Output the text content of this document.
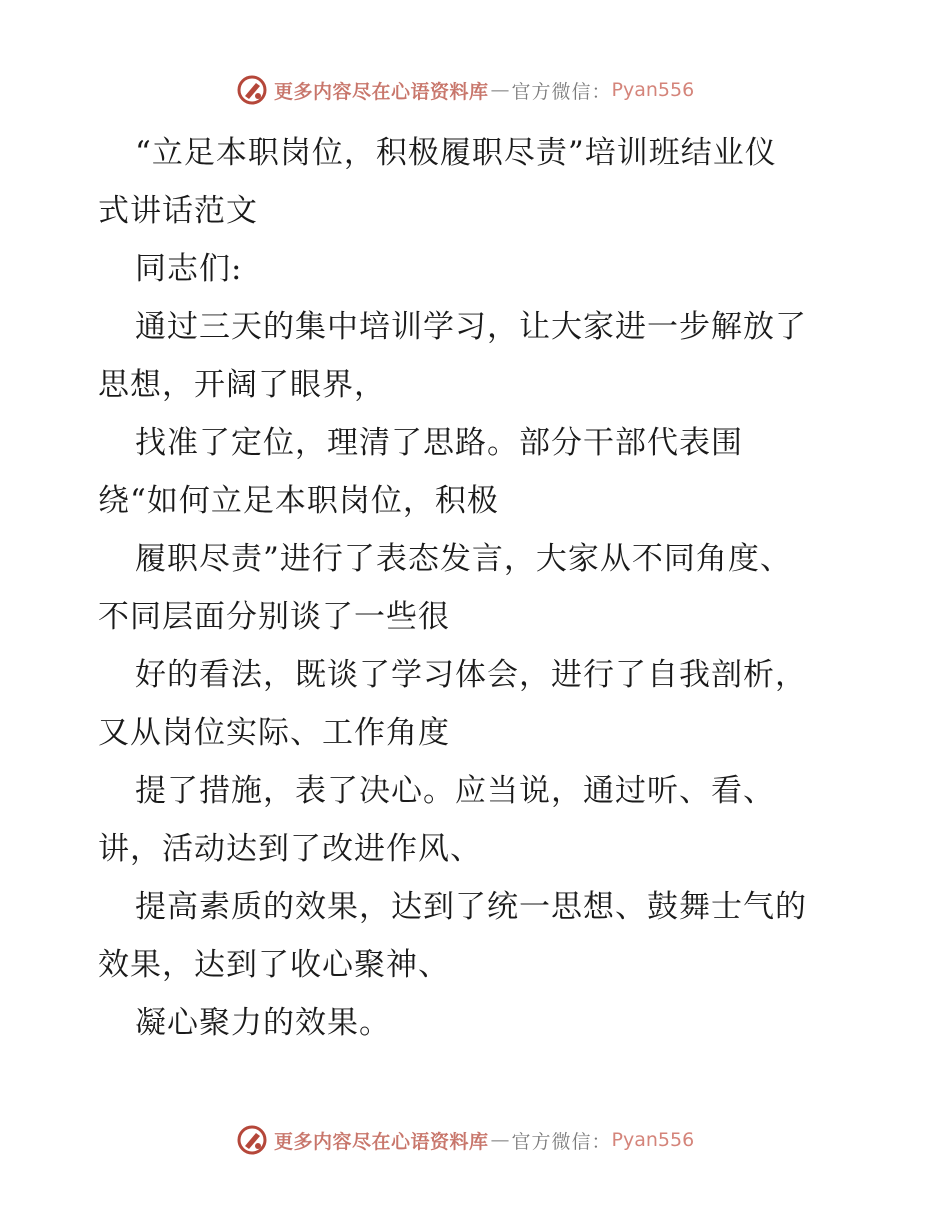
更多内容尽在心语资料库 — 官方微信： Pyan556
“立足本职岗位，积极履职尽责”培训班结业仪
式讲话范文
同志们:
通过三天的集中培训学习，让大家进一步解放了
思想，开阔了眼界，
找准了定位，理清了思路。部分干部代表围
绕“如何立足本职岗位，积极
履职尽责”进行了表态发言，大家从不同角度、
不同层面分别谈了一些很
好的看法，既谈了学习体会，进行了自我剖析，
又从岗位实际、工作角度
提了措施，表了决心。应当说，通过听、看、
讲，活动达到了改进作风、
提高素质的效果，达到了统一思想、鼓舞士气的
效果，达到了收心聚神、
凝心聚力的效果。
更多内容尽在心语资料库 — 官方微信： Pyan556
